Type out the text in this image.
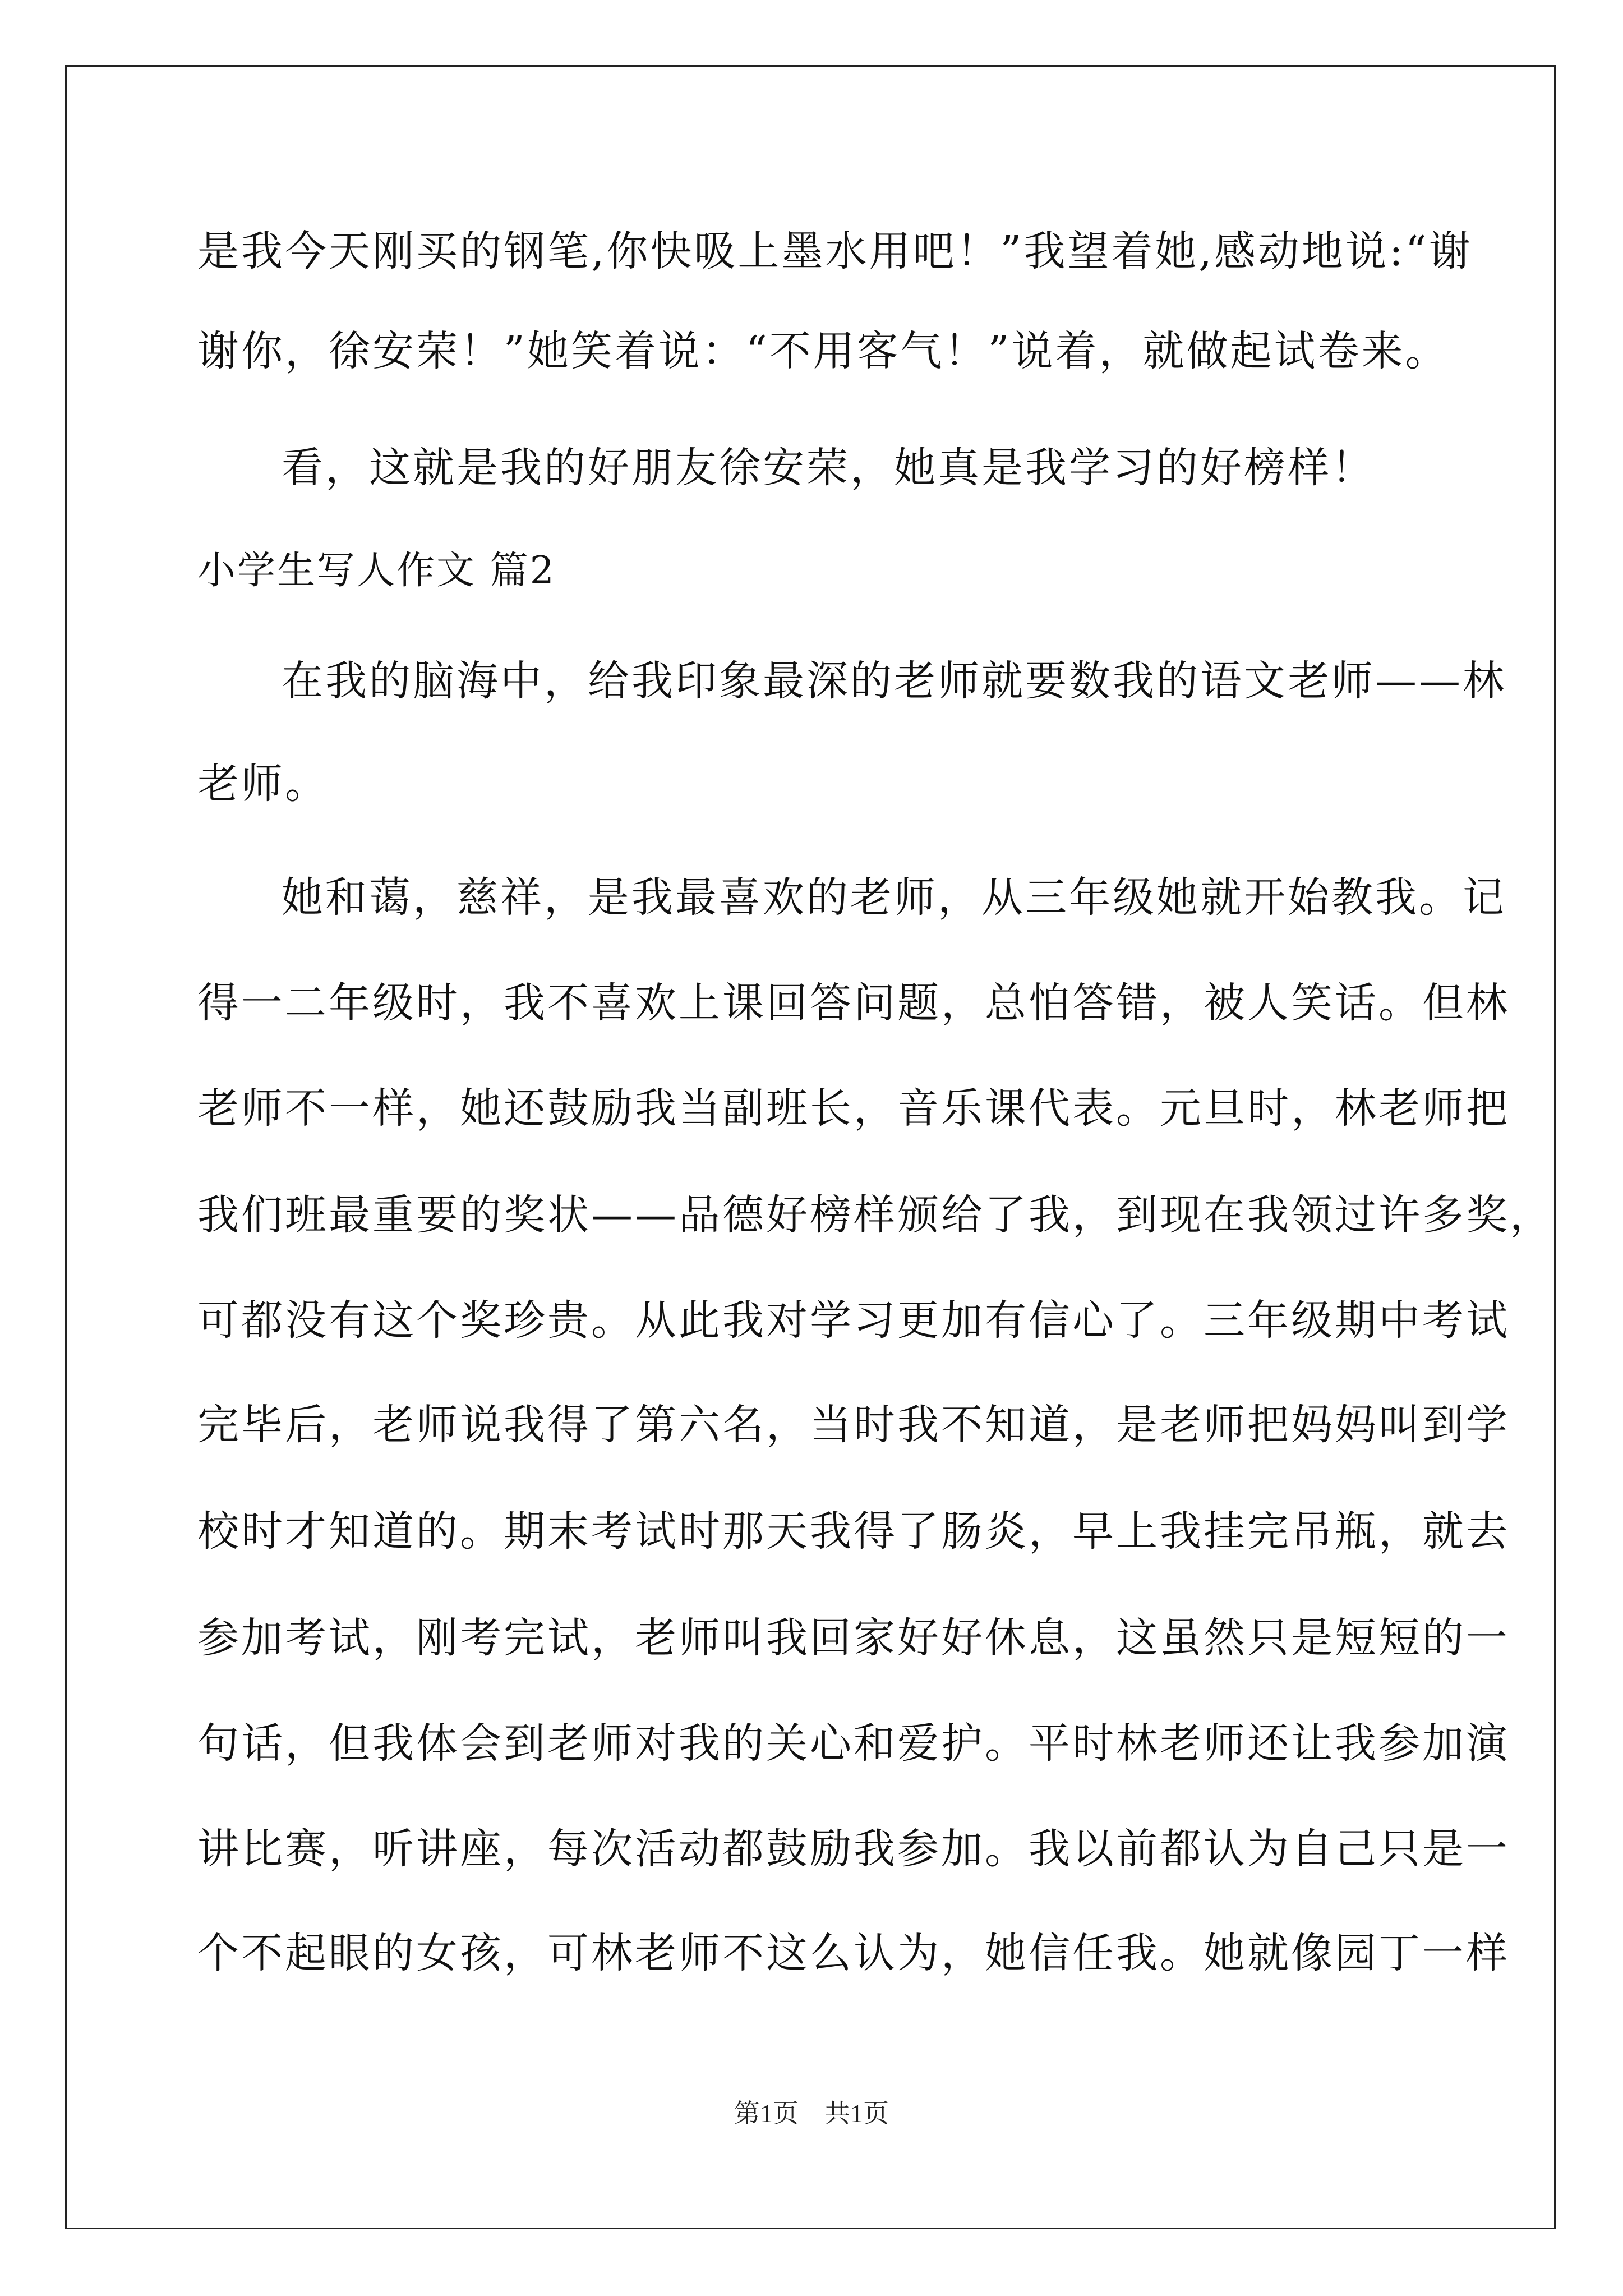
是我今天刚买的钢笔,你快吸上墨水用吧！”我望着她,感动地说:“谢
谢你，徐安荣！”她笑着说：“不用客气！”说着，就做起试卷来。
看，这就是我的好朋友徐安荣，她真是我学习的好榜样！
小学生写人作文 篇2
在我的脑海中，给我印象最深的老师就要数我的语文老师——林
老师。
她和蔼，慈祥，是我最喜欢的老师，从三年级她就开始教我。记
得一二年级时，我不喜欢上课回答问题，总怕答错，被人笑话。但林
老师不一样，她还鼓励我当副班长，音乐课代表。元旦时，林老师把
我们班最重要的奖状——品德好榜样颁给了我，到现在我领过许多奖，
可都没有这个奖珍贵。从此我对学习更加有信心了。三年级期中考试
完毕后，老师说我得了第六名，当时我不知道，是老师把妈妈叫到学
校时才知道的。期末考试时那天我得了肠炎，早上我挂完吊瓶，就去
参加考试，刚考完试，老师叫我回家好好休息，这虽然只是短短的一
句话，但我体会到老师对我的关心和爱护。平时林老师还让我参加演
讲比赛，听讲座，每次活动都鼓励我参加。我以前都认为自己只是一
个不起眼的女孩，可林老师不这么认为，她信任我。她就像园丁一样
第1页　共1页
